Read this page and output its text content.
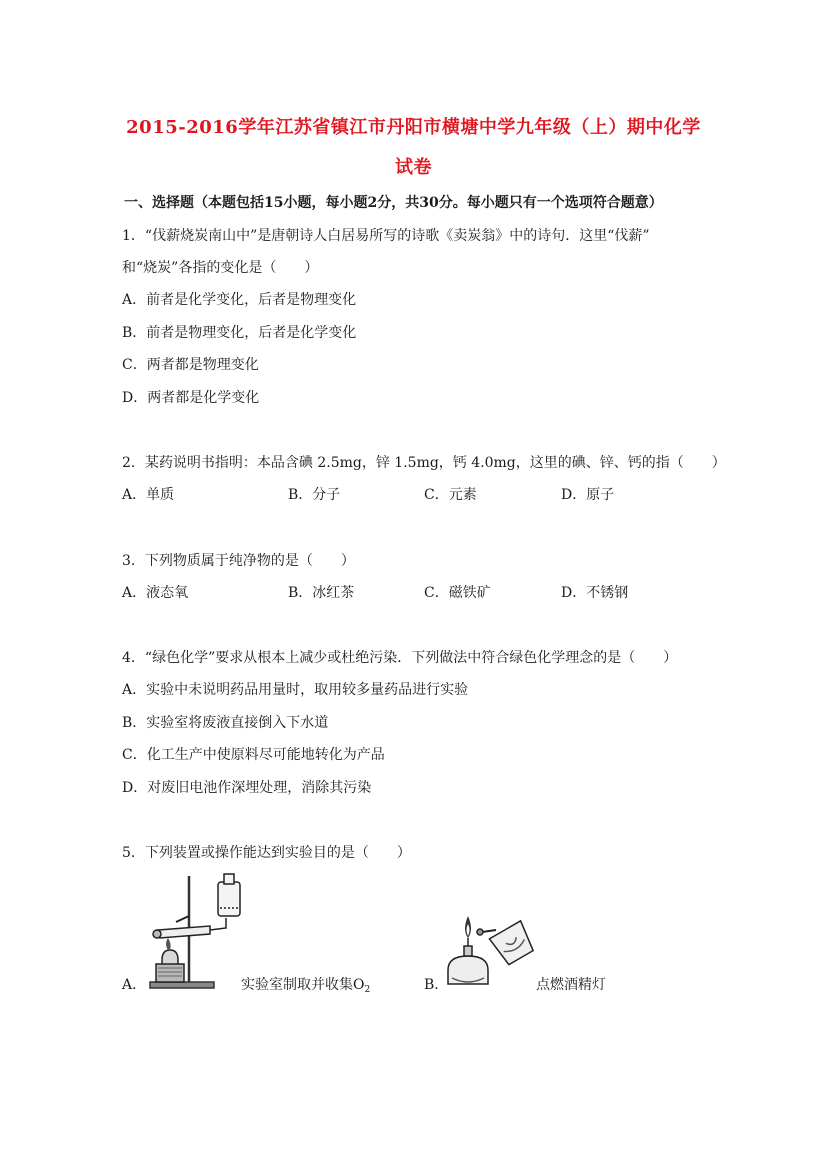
2015-2016学年江苏省镇江市丹阳市横塘中学九年级（上）期中化学
试卷
一、选择题（本题包括15小题，每小题2分，共30分。每小题只有一个选项符合题意）
1．“伐薪烧炭南山中”是唐朝诗人白居易所写的诗歌《卖炭翁》中的诗句．这里“伐薪”
和“烧炭”各指的变化是（　　）
A．前者是化学变化，后者是物理变化
B．前者是物理变化，后者是化学变化
C．两者都是物理变化
D．两者都是化学变化
2．某药说明书指明：本品含碘 2.5mg，锌 1.5mg，钙 4.0mg，这里的碘、锌、钙的指（　　）
A．单质	B．分子	C．元素	D．原子
3．下列物质属于纯净物的是（　　）
A．液态氧	B．冰红茶	C．磁铁矿	D．不锈钢
4．“绿色化学”要求从根本上减少或杜绝污染．下列做法中符合绿色化学理念的是（　　）
A．实验中未说明药品用量时，取用较多量药品进行实验
B．实验室将废液直接倒入下水道
C．化工生产中使原料尽可能地转化为产品
D．对废旧电池作深埋处理，消除其污染
5．下列装置或操作能达到实验目的是（　　）
A．	实验室制取并收集$O_2$	B．	点燃酒精灯
